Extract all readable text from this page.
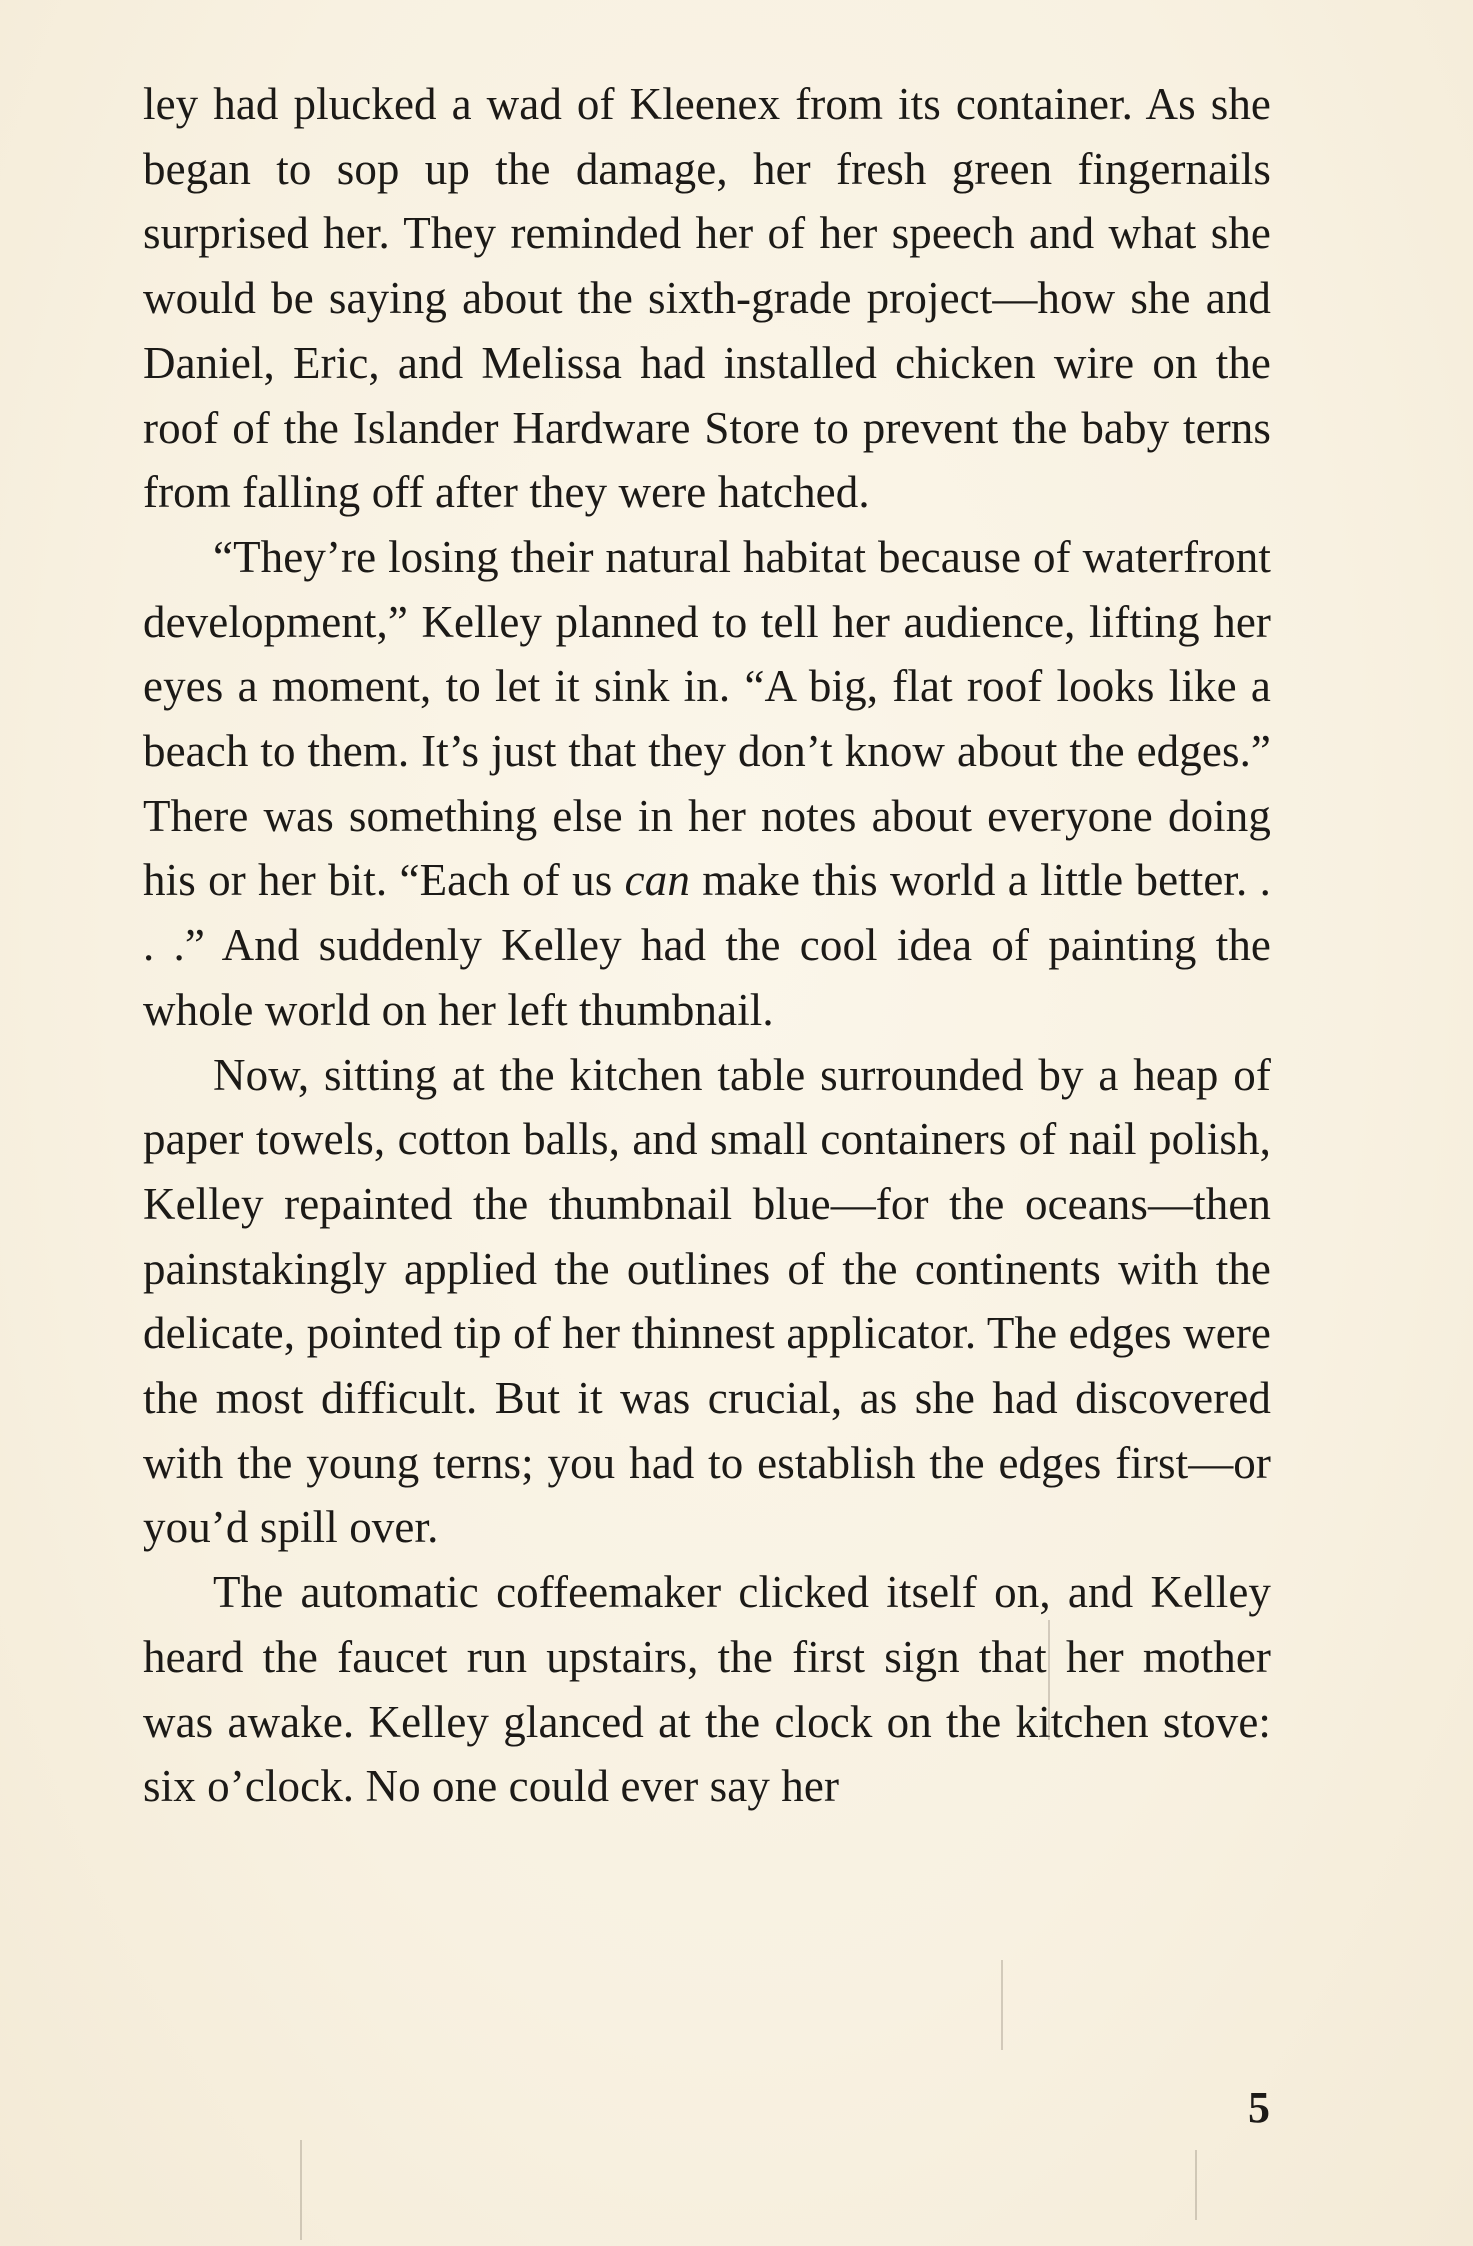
ley had plucked a wad of Kleenex from its container. As she began to sop up the damage, her fresh green fingernails surprised her. They reminded her of her speech and what she would be saying about the sixth-grade project—how she and Daniel, Eric, and Melissa had installed chicken wire on the roof of the Islander Hardware Store to prevent the baby terns from falling off after they were hatched.

“They’re losing their natural habitat because of waterfront development,” Kelley planned to tell her audience, lifting her eyes a moment, to let it sink in. “A big, flat roof looks like a beach to them. It’s just that they don’t know about the edges.” There was something else in her notes about everyone doing his or her bit. “Each of us can make this world a little better. . . .” And suddenly Kelley had the cool idea of painting the whole world on her left thumbnail.

Now, sitting at the kitchen table surrounded by a heap of paper towels, cotton balls, and small containers of nail polish, Kelley repainted the thumbnail blue—for the oceans—then painstakingly applied the outlines of the continents with the delicate, pointed tip of her thinnest applicator. The edges were the most difficult. But it was crucial, as she had discovered with the young terns; you had to establish the edges first—or you’d spill over.

The automatic coffeemaker clicked itself on, and Kelley heard the faucet run upstairs, the first sign that her mother was awake. Kelley glanced at the clock on the kitchen stove: six o’clock. No one could ever say her

5
